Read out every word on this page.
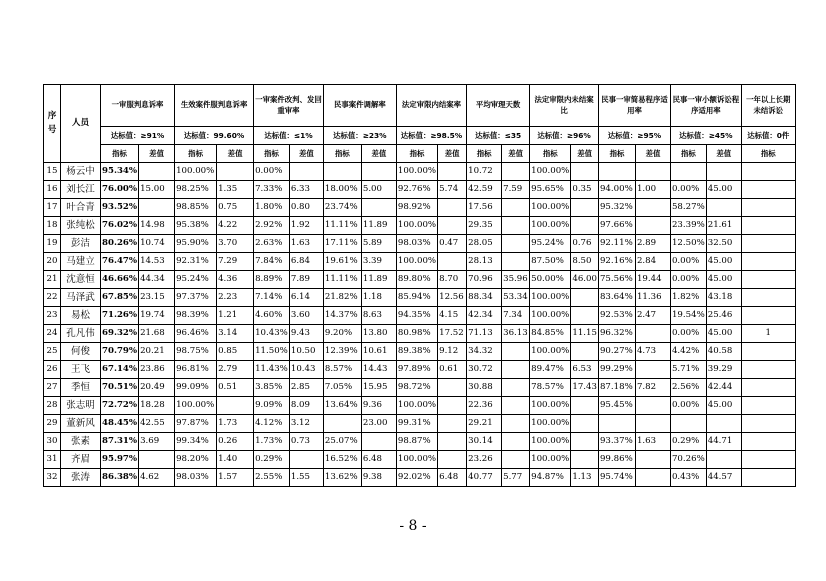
序号	人员	一审服判息诉率		生效案件服判息诉率		一审案件改判、发回重审率		民事案件调解率		法定审限内结案率		平均审理天数		法定审限内未结案比		民事一审简易程序适用率		民事一审小额诉讼程序适用率		一年以上长期未结诉讼
		达标值：≥91%		达标值：99.60%		达标值：≤1%		达标值：≥23%		达标值：≥98.5%		达标值：≤35		达标值：≥96%		达标值：≥95%		达标值：≥45%		达标值：0件
		指标	差值	指标	差值	指标	差值	指标	差值	指标	差值	指标	差值	指标	差值	指标	差值	指标	差值	指标
15	杨云中	95.34%		100.00%		0.00%				100.00%		10.72		100.00%						
16	刘长江	76.00%	15.00	98.25%	1.35	7.33%	6.33	18.00%	5.00	92.76%	5.74	42.59	7.59	95.65%	0.35	94.00%	1.00	0.00%	45.00	
17	叶合青	93.52%		98.85%	0.75	1.80%	0.80	23.74%		98.92%		17.56		100.00%		95.32%		58.27%		
18	张纯松	76.02%	14.98	95.38%	4.22	2.92%	1.92	11.11%	11.89	100.00%		29.35		100.00%		97.66%		23.39%	21.61	
19	彭洁	80.26%	10.74	95.90%	3.70	2.63%	1.63	17.11%	5.89	98.03%	0.47	28.05		95.24%	0.76	92.11%	2.89	12.50%	32.50	
20	马建立	76.47%	14.53	92.31%	7.29	7.84%	6.84	19.61%	3.39	100.00%		28.13		87.50%	8.50	92.16%	2.84	0.00%	45.00	
21	沈意恒	46.66%	44.34	95.24%	4.36	8.89%	7.89	11.11%	11.89	89.80%	8.70	70.96	35.96	50.00%	46.00	75.56%	19.44	0.00%	45.00	
22	马泽武	67.85%	23.15	97.37%	2.23	7.14%	6.14	21.82%	1.18	85.94%	12.56	88.34	53.34	100.00%		83.64%	11.36	1.82%	43.18	
23	易松	71.26%	19.74	98.39%	1.21	4.60%	3.60	14.37%	8.63	94.35%	4.15	42.34	7.34	100.00%		92.53%	2.47	19.54%	25.46	
24	孔凡伟	69.32%	21.68	96.46%	3.14	10.43%	9.43	9.20%	13.80	80.98%	17.52	71.13	36.13	84.85%	11.15	96.32%		0.00%	45.00	1
25	何俊	70.79%	20.21	98.75%	0.85	11.50%	10.50	12.39%	10.61	89.38%	9.12	34.32		100.00%		90.27%	4.73	4.42%	40.58	
26	王飞	67.14%	23.86	96.81%	2.79	11.43%	10.43	8.57%	14.43	97.89%	0.61	30.72		89.47%	6.53	99.29%		5.71%	39.29	
27	季恒	70.51%	20.49	99.09%	0.51	3.85%	2.85	7.05%	15.95	98.72%		30.88		78.57%	17.43	87.18%	7.82	2.56%	42.44	
28	张志明	72.72%	18.28	100.00%		9.09%	8.09	13.64%	9.36	100.00%		22.36		100.00%		95.45%		0.00%	45.00	
29	董新风	48.45%	42.55	97.87%	1.73	4.12%	3.12		23.00	99.31%		29.21		100.00%						
30	张素	87.31%	3.69	99.34%	0.26	1.73%	0.73	25.07%		98.87%		30.14		100.00%		93.37%	1.63	0.29%	44.71	
31	齐眉	95.97%		98.20%	1.40	0.29%		16.52%	6.48	100.00%		23.26		100.00%		99.86%		70.26%		
32	张涛	86.38%	4.62	98.03%	1.57	2.55%	1.55	13.62%	9.38	92.02%	6.48	40.77	5.77	94.87%	1.13	95.74%		0.43%	44.57	
- 8 -
